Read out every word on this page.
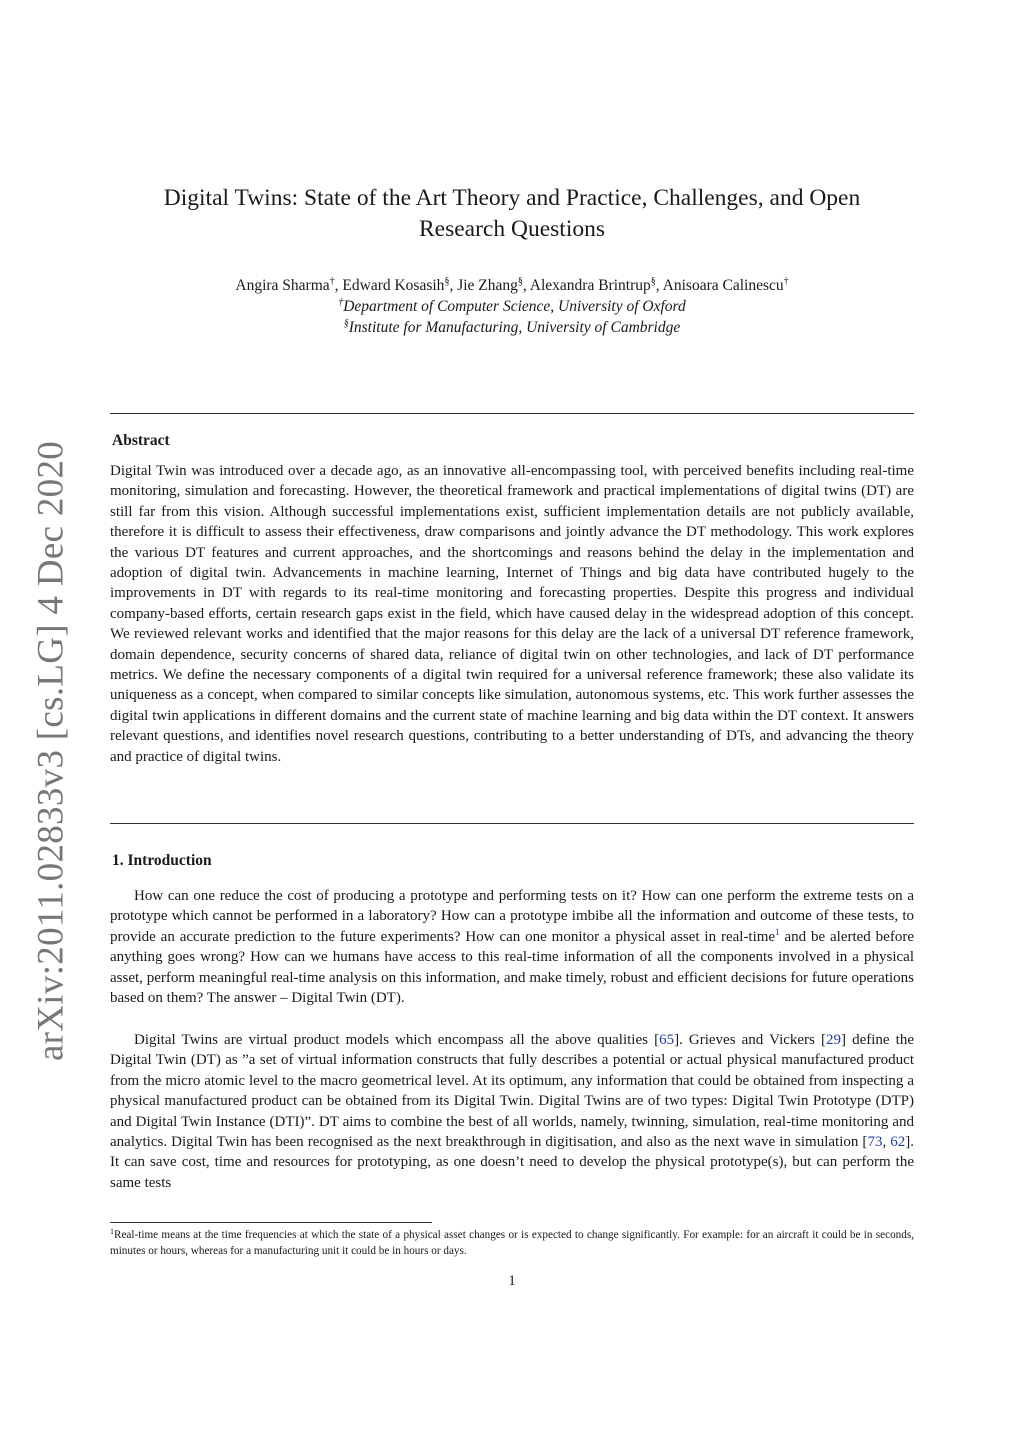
arXiv:2011.02833v3 [cs.LG] 4 Dec 2020
Digital Twins: State of the Art Theory and Practice, Challenges, and Open
Research Questions
Angira Sharma†, Edward Kosasih§, Jie Zhang§, Alexandra Brintrup§, Anisoara Calinescu†
†Department of Computer Science, University of Oxford
§Institute for Manufacturing, University of Cambridge
Abstract

Digital Twin was introduced over a decade ago, as an innovative all-encompassing tool, with perceived benefits including real-time monitoring, simulation and forecasting. However, the theoretical framework and practical implementations of digital twins (DT) are still far from this vision. Although successful implementations exist, sufficient implementation details are not publicly available, therefore it is difficult to assess their effectiveness, draw comparisons and jointly advance the DT methodology. This work explores the various DT features and current approaches, and the shortcomings and reasons behind the delay in the implementation and adoption of digital twin. Advancements in machine learning, Internet of Things and big data have contributed hugely to the improvements in DT with regards to its real-time monitoring and forecasting properties. Despite this progress and individual company-based efforts, certain research gaps exist in the field, which have caused delay in the widespread adoption of this concept. We reviewed relevant works and identified that the major reasons for this delay are the lack of a universal DT reference framework, domain dependence, security concerns of shared data, reliance of digital twin on other technologies, and lack of DT performance metrics. We define the necessary components of a digital twin required for a universal reference framework; these also validate its uniqueness as a concept, when compared to similar concepts like simulation, autonomous systems, etc. This work further assesses the digital twin applications in different domains and the current state of machine learning and big data within the DT context. It answers relevant questions, and identifies novel research questions, contributing to a better understanding of DTs, and advancing the theory and practice of digital twins.

1. Introduction

How can one reduce the cost of producing a prototype and performing tests on it? How can one perform the extreme tests on a prototype which cannot be performed in a laboratory? How can a prototype imbibe all the information and outcome of these tests, to provide an accurate prediction to the future experiments? How can one monitor a physical asset in real-time$^1$ and be alerted before anything goes wrong? How can we humans have access to this real-time information of all the components involved in a physical asset, perform meaningful real-time analysis on this information, and make timely, robust and efficient decisions for future operations based on them? The answer – Digital Twin (DT).

Digital Twins are virtual product models which encompass all the above qualities [65]. Grieves and Vickers [29] define the Digital Twin (DT) as ”a set of virtual information constructs that fully describes a potential or actual physical manufactured product from the micro atomic level to the macro geometrical level. At its optimum, any information that could be obtained from inspecting a physical manufactured product can be obtained from its Digital Twin. Digital Twins are of two types: Digital Twin Prototype (DTP) and Digital Twin Instance (DTI)”. DT aims to combine the best of all worlds, namely, twinning, simulation, real-time monitoring and analytics. Digital Twin has been recognised as the next breakthrough in digitisation, and also as the next wave in simulation [73, 62]. It can save cost, time and resources for prototyping, as one doesn’t need to develop the physical prototype(s), but can perform the same tests

$^1$Real-time means at the time frequencies at which the state of a physical asset changes or is expected to change significantly. For example: for an aircraft it could be in seconds, minutes or hours, whereas for a manufacturing unit it could be in hours or days.

1
